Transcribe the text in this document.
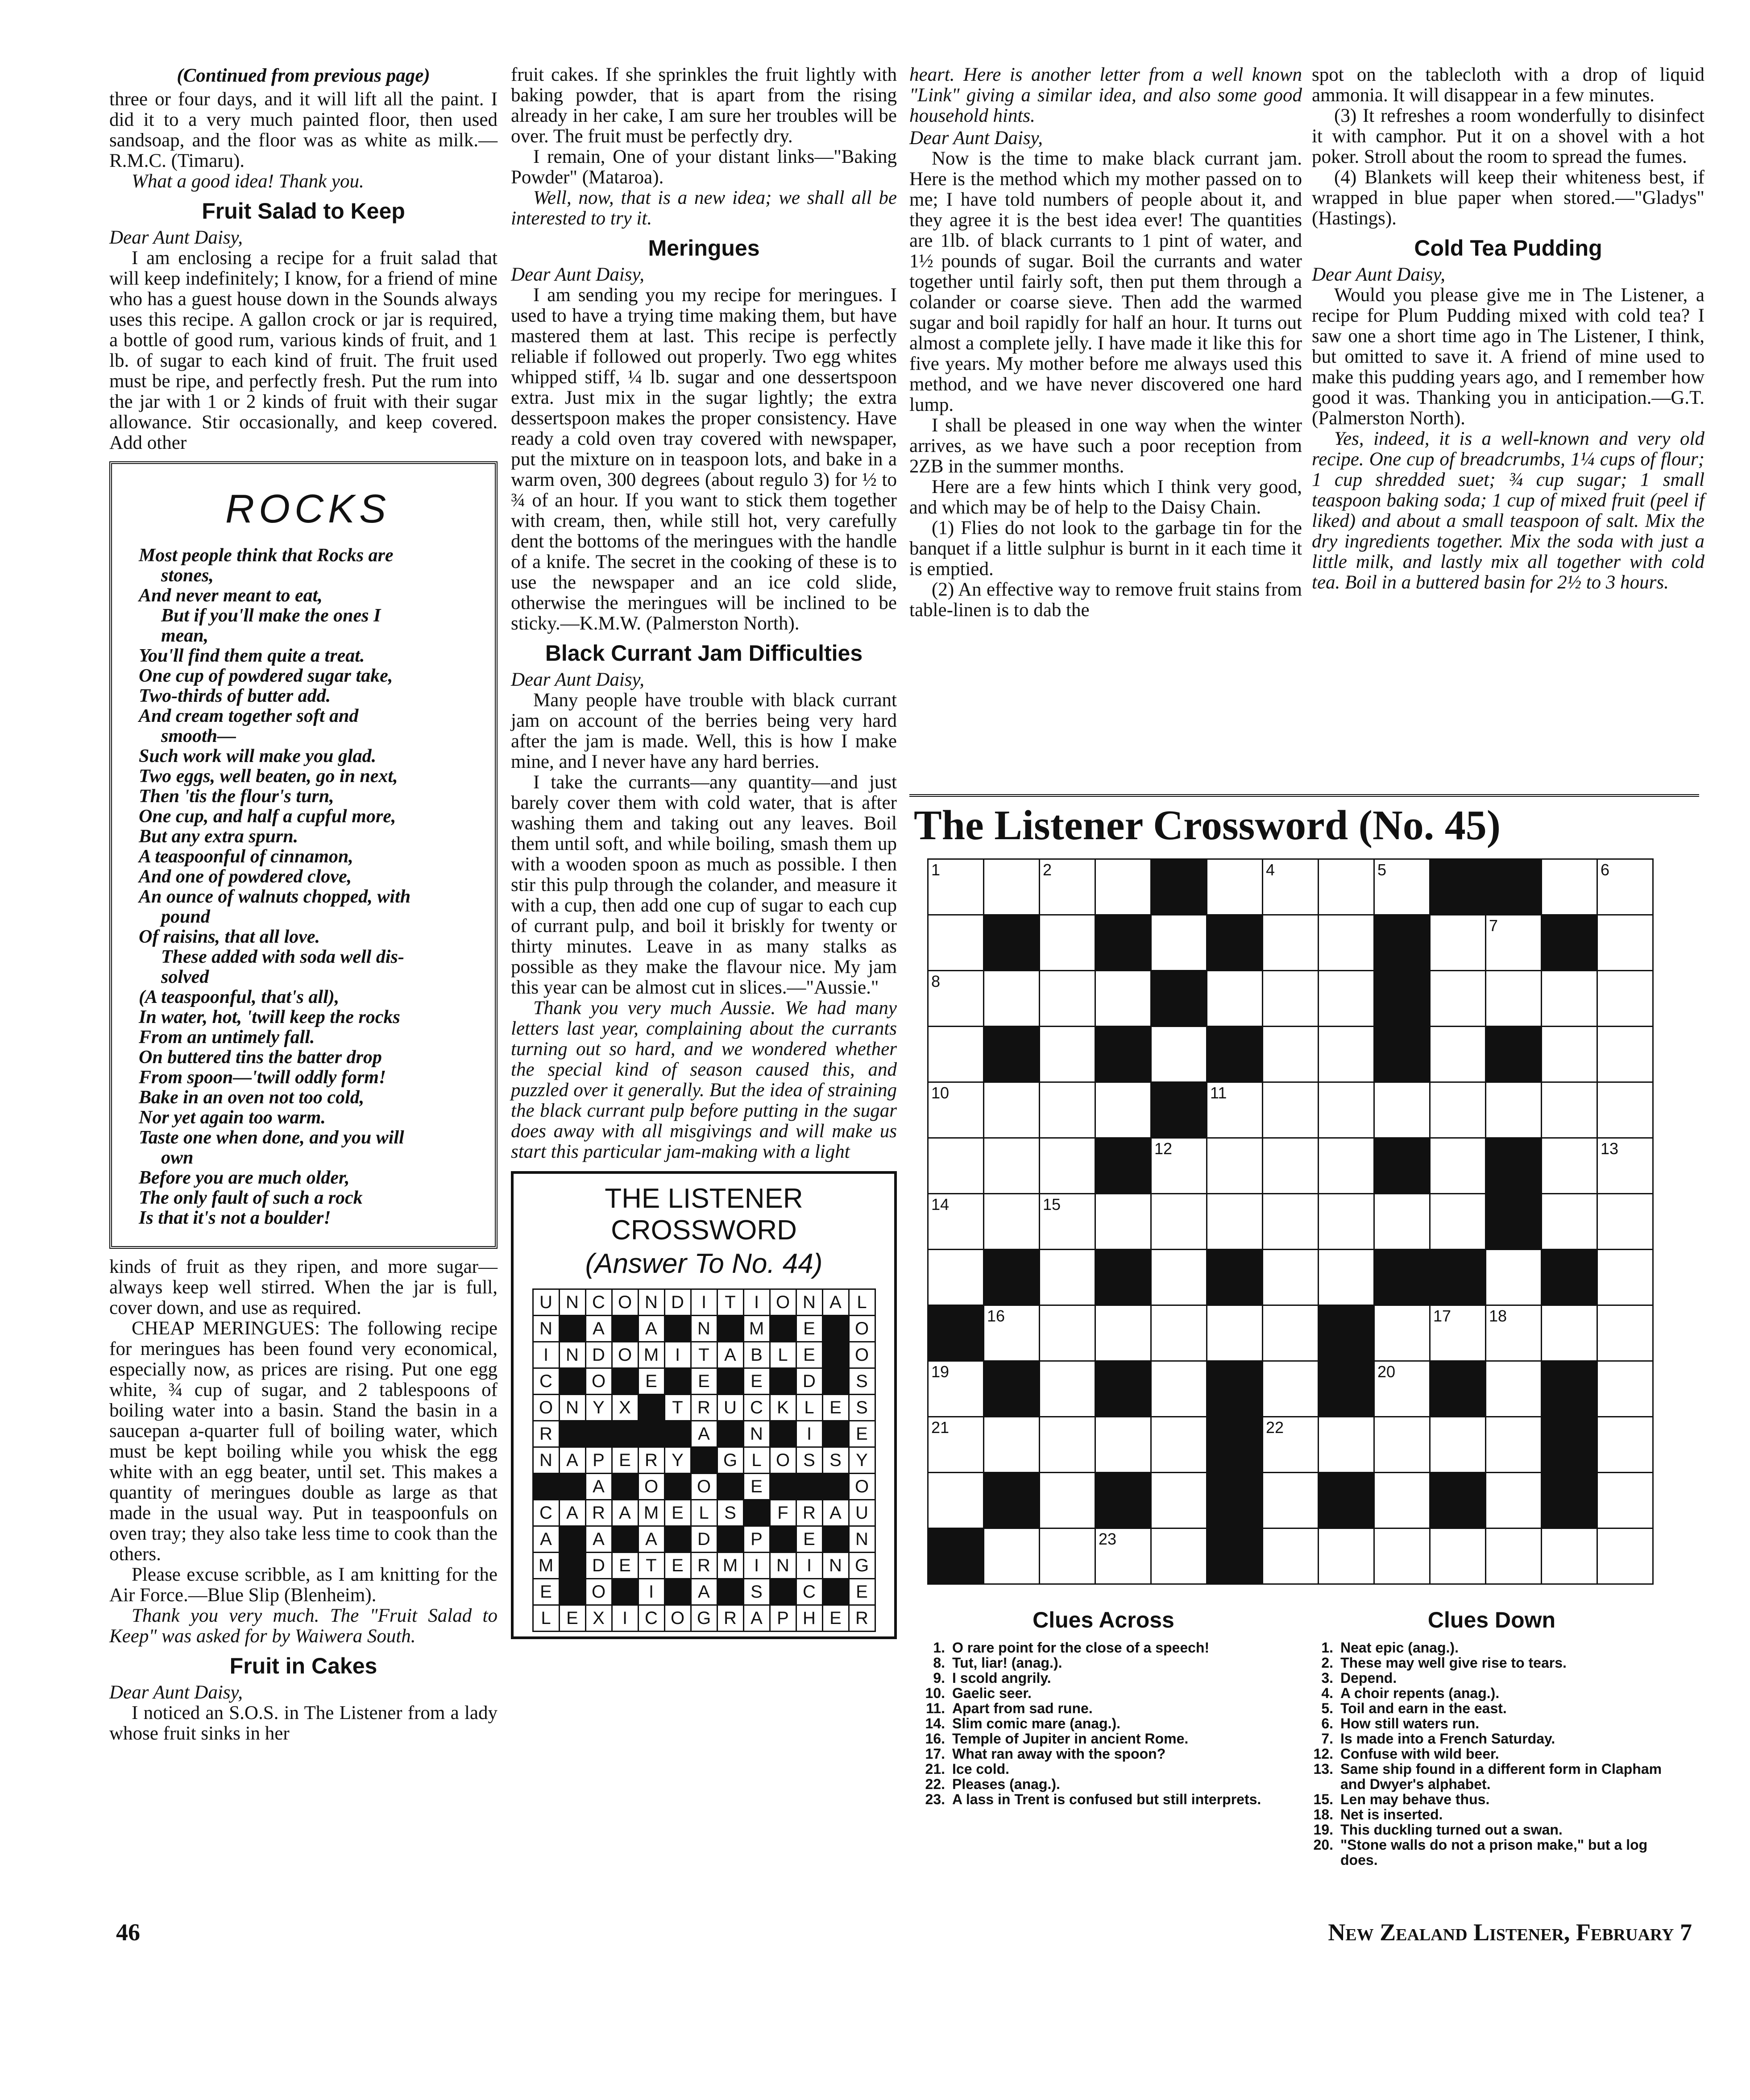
(Continued from previous page)

three or four days, and it will lift all the paint. I did it to a very much painted floor, then used sandsoap, and the floor was as white as milk.—R.M.C. (Timaru).

What a good idea! Thank you.

Fruit Salad to Keep
Dear Aunt Daisy,

I am enclosing a recipe for a fruit salad that will keep indefinitely; I know, for a friend of mine who has a guest house down in the Sounds always uses this recipe. A gallon crock or jar is required, a bottle of good rum, various kinds of fruit, and 1 lb. of sugar to each kind of fruit. The fruit used must be ripe, and perfectly fresh. Put the rum into the jar with 1 or 2 kinds of fruit with their sugar allowance. Stir occasionally, and keep covered. Add other

ROCKS
Most people think that Rocks are
stones,
And never meant to eat,
But if you'll make the ones I
mean,
You'll find them quite a treat.
One cup of powdered sugar take,
Two-thirds of butter add.
And cream together soft and
smooth—
Such work will make you glad.
Two eggs, well beaten, go in next,
Then 'tis the flour's turn,
One cup, and half a cupful more,
But any extra spurn.
A teaspoonful of cinnamon,
And one of powdered clove,
An ounce of walnuts chopped, with
pound
Of raisins, that all love.
These added with soda well dis-
solved
(A teaspoonful, that's all),
In water, hot, 'twill keep the rocks
From an untimely fall.
On buttered tins the batter drop
From spoon—'twill oddly form!
Bake in an oven not too cold,
Nor yet again too warm.
Taste one when done, and you will
own
Before you are much older,
The only fault of such a rock
Is that it's not a boulder!

kinds of fruit as they ripen, and more sugar—always keep well stirred. When the jar is full, cover down, and use as required.

CHEAP MERINGUES: The following recipe for meringues has been found very economical, especially now, as prices are rising. Put one egg white, ¾ cup of sugar, and 2 tablespoons of boiling water into a basin. Stand the basin in a saucepan a-quarter full of boiling water, which must be kept boiling while you whisk the egg white with an egg beater, until set. This makes a quantity of meringues double as large as that made in the usual way. Put in teaspoonfuls on oven tray; they also take less time to cook than the others.

Please excuse scribble, as I am knitting for the Air Force.—Blue Slip (Blenheim).

Thank you very much. The "Fruit Salad to Keep" was asked for by Waiwera South.

Fruit in Cakes
Dear Aunt Daisy,

I noticed an S.O.S. in The Listener from a lady whose fruit sinks in her

fruit cakes. If she sprinkles the fruit lightly with baking powder, that is apart from the rising already in her cake, I am sure her troubles will be over. The fruit must be perfectly dry.

I remain, One of your distant links—"Baking Powder" (Mataroa).

Well, now, that is a new idea; we shall all be interested to try it.

Meringues
Dear Aunt Daisy,

I am sending you my recipe for meringues. I used to have a trying time making them, but have mastered them at last. This recipe is perfectly reliable if followed out properly. Two egg whites whipped stiff, ¼ lb. sugar and one dessertspoon extra. Just mix in the sugar lightly; the extra dessertspoon makes the proper consistency. Have ready a cold oven tray covered with newspaper, put the mixture on in teaspoon lots, and bake in a warm oven, 300 degrees (about regulo 3) for ½ to ¾ of an hour. If you want to stick them together with cream, then, while still hot, very carefully dent the bottoms of the meringues with the handle of a knife. The secret in the cooking of these is to use the newspaper and an ice cold slide, otherwise the meringues will be inclined to be sticky.—K.M.W. (Palmerston North).

Black Currant Jam Difficulties
Dear Aunt Daisy,

Many people have trouble with black currant jam on account of the berries being very hard after the jam is made. Well, this is how I make mine, and I never have any hard berries.

I take the currants—any quantity—and just barely cover them with cold water, that is after washing them and taking out any leaves. Boil them until soft, and while boiling, smash them up with a wooden spoon as much as possible. I then stir this pulp through the colander, and measure it with a cup, then add one cup of sugar to each cup of currant pulp, and boil it briskly for twenty or thirty minutes. Leave in as many stalks as possible as they make the flavour nice. My jam this year can be almost cut in slices.—"Aussie."

Thank you very much Aussie. We had many letters last year, complaining about the currants turning out so hard, and we wondered whether the special kind of season caused this, and puzzled over it generally. But the idea of straining the black currant pulp before putting in the sugar does away with all misgivings and will make us start this particular jam-making with a light

THE LISTENER CROSSWORD
(Answer To No. 44)
U	N	C	O	N	D	I	T	I	O	N	A	L
N		A		A		N		M		E		O
I	N	D	O	M	I	T	A	B	L	E		O
C		O		E		E		E		D		S
O	N	Y	X		T	R	U	C	K	L	E	S
R						A		N		I		E
N	A	P	E	R	Y		G	L	O	S	S	Y
		A		O		O		E				O
C	A	R	A	M	E	L	S		F	R	A	U
A		A		A		D		P		E		N
M		D	E	T	E	R	M	I	N	I	N	G
E		O		I		A		S		C		E
L	E	X	I	C	O	G	R	A	P	H	E	R

heart. Here is another letter from a well known "Link" giving a similar idea, and also some good household hints.

Dear Aunt Daisy,

Now is the time to make black currant jam. Here is the method which my mother passed on to me; I have told numbers of people about it, and they agree it is the best idea ever! The quantities are 1lb. of black currants to 1 pint of water, and 1½ pounds of sugar. Boil the currants and water together until fairly soft, then put them through a colander or coarse sieve. Then add the warmed sugar and boil rapidly for half an hour. It turns out almost a complete jelly. I have made it like this for five years. My mother before me always used this method, and we have never discovered one hard lump.

I shall be pleased in one way when the winter arrives, as we have such a poor reception from 2ZB in the summer months.

Here are a few hints which I think very good, and which may be of help to the Daisy Chain.

(1) Flies do not look to the garbage tin for the banquet if a little sulphur is burnt in it each time it is emptied.

(2) An effective way to remove fruit stains from table-linen is to dab the

spot on the tablecloth with a drop of liquid ammonia. It will disappear in a few minutes.

(3) It refreshes a room wonderfully to disinfect it with camphor. Put it on a shovel with a hot poker. Stroll about the room to spread the fumes.

(4) Blankets will keep their whiteness best, if wrapped in blue paper when stored.—"Gladys" (Hastings).

Cold Tea Pudding
Dear Aunt Daisy,

Would you please give me in The Listener, a recipe for Plum Pudding mixed with cold tea? I saw one a short time ago in The Listener, I think, but omitted to save it. A friend of mine used to make this pudding years ago, and I remember how good it was. Thanking you in anticipation.—G.T. (Palmerston North).

Yes, indeed, it is a well-known and very old recipe. One cup of breadcrumbs, 1¼ cups of flour; 1 cup shredded suet; ¾ cup sugar; 1 small teaspoon baking soda; 1 cup of mixed fruit (peel if liked) and about a small teaspoon of salt. Mix the dry ingredients together. Mix the soda with just a little milk, and lastly mix all together with cold tea. Boil in a buttered basin for 2½ to 3 hours.

The Listener Crossword (No. 45)
1		2				4		5				6

										7		

8												

10					11							

				12								13

14		15										

	16								17	18		

19								20				

21						22						

			23									

Clues Across
1. O rare point for the close of a speech!
8. Tut, liar! (anag.).
9. I scold angrily.
10. Gaelic seer.
11. Apart from sad rune.
14. Slim comic mare (anag.).
16. Temple of Jupiter in ancient Rome.
17. What ran away with the spoon?
21. Ice cold.
22. Pleases (anag.).
23. A lass in Trent is confused but still interprets.
Clues Down
1. Neat epic (anag.).
2. These may well give rise to tears.
3. Depend.
4. A choir repents (anag.).
5. Toil and earn in the east.
6. How still waters run.
7. Is made into a French Saturday.
12. Confuse with wild beer.
13. Same ship found in a different form in Clapham and Dwyer's alphabet.
15. Len may behave thus.
18. Net is inserted.
19. This duckling turned out a swan.
20. "Stone walls do not a prison make," but a log does.
46	New Zealand Listener, February 7
